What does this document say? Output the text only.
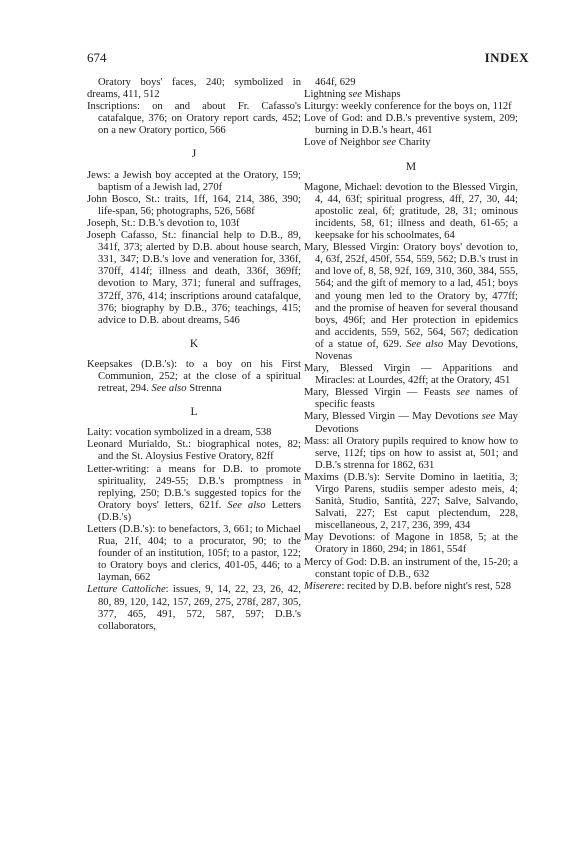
674	INDEX

Oratory boys' faces, 240; symbolized in dreams, 411, 512

Inscriptions: on and about Fr. Cafasso's catafalque, 376; on Oratory report cards, 452; on a new Oratory portico, 566

J

Jews: a Jewish boy accepted at the Oratory, 159; baptism of a Jewish lad, 270f

John Bosco, St.: traits, 1ff, 164, 214, 386, 390; life-span, 56; photographs, 526, 568f

Joseph, St.: D.B.'s devotion to, 103f

Joseph Cafasso, St.: financial help to D.B., 89, 341f, 373; alerted by D.B. about house search, 331, 347; D.B.'s love and veneration for, 336f, 370ff, 414f; illness and death, 336f, 369ff; devotion to Mary, 371; funeral and suffrages, 372ff, 376, 414; inscriptions around catafalque, 376; biography by D.B., 376; teachings, 415; advice to D.B. about dreams, 546

K

Keepsakes (D.B.'s): to a boy on his First Communion, 252; at the close of a spiritual retreat, 294. See also Strenna

L

Laity: vocation symbolized in a dream, 538

Leonard Murialdo, St.: biographical notes, 82; and the St. Aloysius Festive Oratory, 82ff

Letter-writing: a means for D.B. to promote spirituality, 249-55; D.B.'s promptness in replying, 250; D.B.'s suggested topics for the Oratory boys' letters, 621f. See also Letters (D.B.'s)

Letters (D.B.'s): to benefactors, 3, 661; to Michael Rua, 21f, 404; to a procurator, 90; to the founder of an institution, 105f; to a pastor, 122; to Oratory boys and clerics, 401-05, 446; to a layman, 662

Letture Cattoliche: issues, 9, 14, 22, 23, 26, 42, 80, 89, 120, 142, 157, 269, 275, 278f, 287, 305, 377, 465, 491, 572, 587, 597; D.B.'s collaborators,

464f, 629

Lightning see Mishaps

Liturgy: weekly conference for the boys on, 112f

Love of God: and D.B.'s preventive system, 209; burning in D.B.'s heart, 461

Love of Neighbor see Charity

M

Magone, Michael: devotion to the Blessed Virgin, 4, 44, 63f; spiritual progress, 4ff, 27, 30, 44; apostolic zeal, 6f; gratitude, 28, 31; ominous incidents, 58, 61; illness and death, 61-65; a keepsake for his schoolmates, 64

Mary, Blessed Virgin: Oratory boys' devotion to, 4, 63f, 252f, 450f, 554, 559, 562; D.B.'s trust in and love of, 8, 58, 92f, 169, 310, 360, 384, 555, 564; and the gift of memory to a lad, 451; boys and young men led to the Oratory by, 477ff; and the promise of heaven for several thousand boys, 496f; and Her protection in epidemics and accidents, 559, 562, 564, 567; dedication of a statue of, 629. See also May Devotions, Novenas

Mary, Blessed Virgin — Apparitions and Miracles: at Lourdes, 42ff; at the Oratory, 451

Mary, Blessed Virgin — Feasts see names of specific feasts

Mary, Blessed Virgin — May Devotions see May Devotions

Mass: all Oratory pupils required to know how to serve, 112f; tips on how to assist at, 501; and D.B.'s strenna for 1862, 631

Maxims (D.B.'s): Servite Domino in laetitia, 3; Virgo Parens, studiis semper adesto meis, 4; Sanità, Studio, Santità, 227; Salve, Salvando, Salvati, 227; Est caput plectendum, 228, miscellaneous, 2, 217, 236, 399, 434

May Devotions: of Magone in 1858, 5; at the Oratory in 1860, 294; in 1861, 554f

Mercy of God: D.B. an instrument of the, 15-20; a constant topic of D.B., 632

Miserere: recited by D.B. before night's rest, 528
